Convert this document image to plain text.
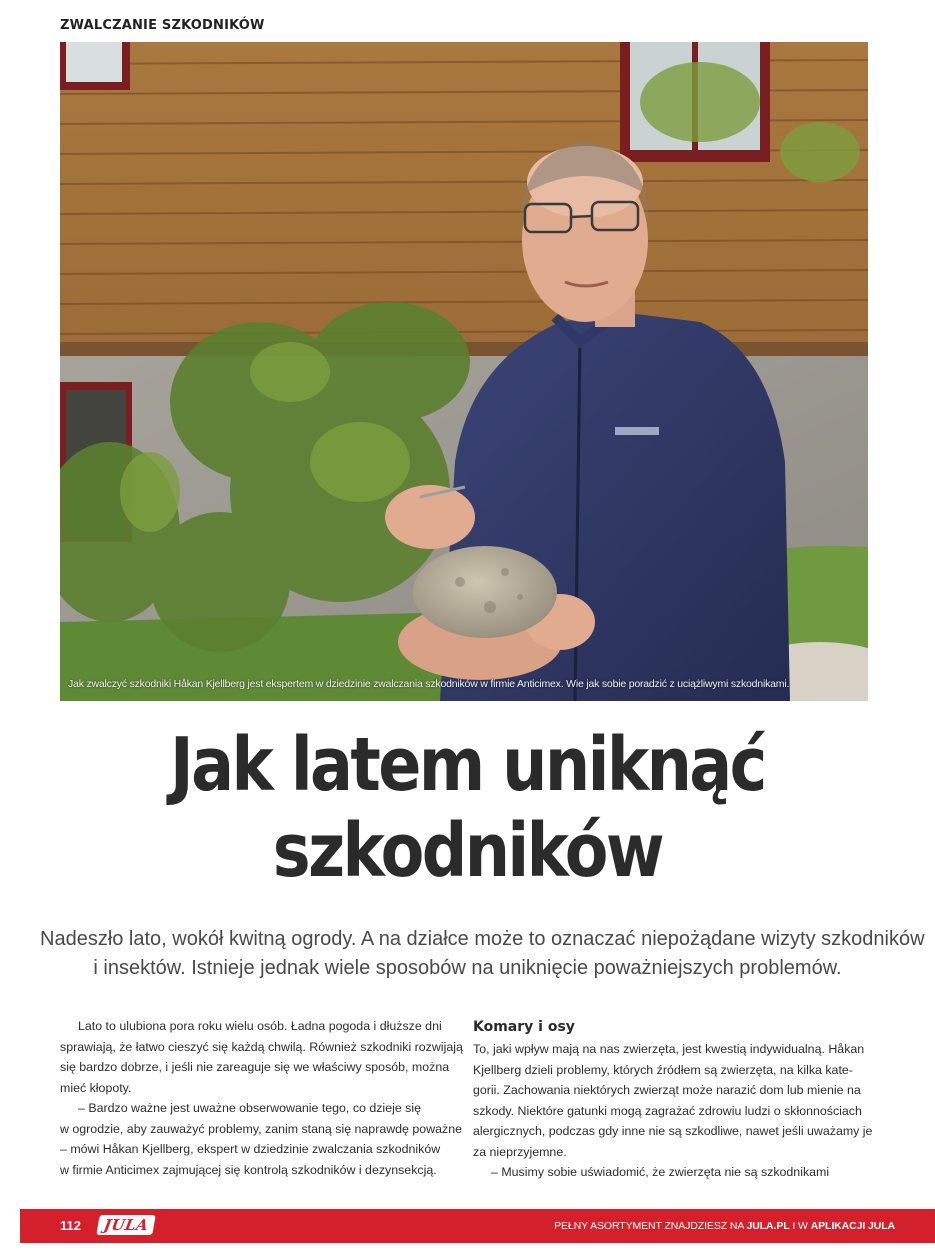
ZWALCZANIE SZKODNIKÓW
Jak zwalczyć szkodniki Håkan Kjellberg jest ekspertem w dziedzinie zwalczania szkodników w firmie Anticimex. Wie jak sobie poradzić z uciążliwymi szkodnikami.
Jak latem uniknąć
szkodników
Nadeszło lato, wokół kwitną ogrody. A na działce może to oznaczać niepożądane wizyty szkodników
i insektów. Istnieje jednak wiele sposobów na uniknięcie poważniejszych problemów.
Lato to ulubiona pora roku wielu osób. Ładna pogoda i dłuższe dni
sprawiają, że łatwo cieszyć się każdą chwilą. Również szkodniki rozwijają
się bardzo dobrze, i jeśli nie zareaguje się we właściwy sposób, można
mieć kłopoty.
– Bardzo ważne jest uważne obserwowanie tego, co dzieje się
w ogrodzie, aby zauważyć problemy, zanim staną się naprawdę poważne
– mówi Håkan Kjellberg, ekspert w dziedzinie zwalczania szkodników
w firmie Anticimex zajmującej się kontrolą szkodników i dezynsekcją.
Komary i osy
To, jaki wpływ mają na nas zwierzęta, jest kwestią indywidualną. Håkan
Kjellberg dzieli problemy, których źródłem są zwierzęta, na kilka kate-
gorii. Zachowania niektórych zwierząt może narazić dom lub mienie na
szkody. Niektóre gatunki mogą zagrażać zdrowiu ludzi o skłonnościach
alergicznych, podczas gdy inne nie są szkodliwe, nawet jeśli uważamy je
za nieprzyjemne.
– Musimy sobie uświadomić, że zwierzęta nie są szkodnikami
112 JULA	PEŁNY ASORTYMENT ZNAJDZIESZ NA JULA.PL I W APLIKACJI JULA
